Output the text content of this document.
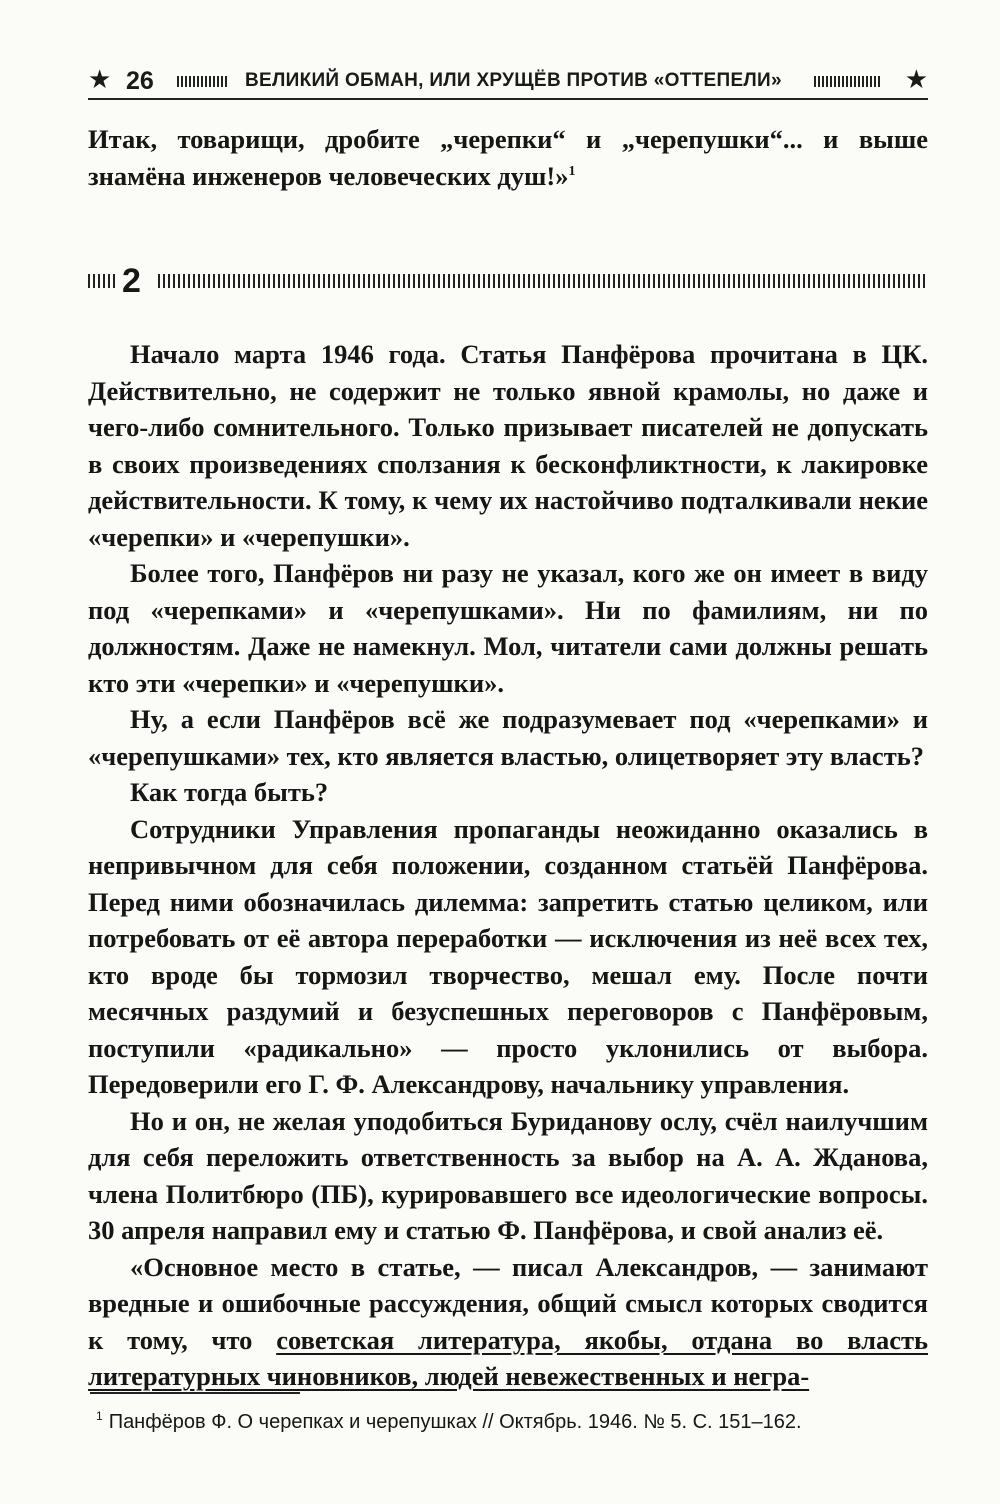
★ 26	ВЕЛИКИЙ ОБМАН, ИЛИ ХРУЩЁВ ПРОТИВ «ОТТЕПЕЛИ»	★

Итак, товарищи, дробите „черепки“ и „черепушки“... и выше знамёна инженеров человеческих душ!»$^1$

2

Начало марта 1946 года. Статья Панфёрова прочитана в ЦК. Действительно, не содержит не только явной крамолы, но даже и чего-либо сомнительного. Только призывает писателей не допускать в своих произведениях сползания к бесконфликтности, к лакировке действительности. К тому, к чему их настойчиво подталкивали некие «черепки» и «черепушки».

Более того, Панфёров ни разу не указал, кого же он имеет в виду под «черепками» и «черепушками». Ни по фамилиям, ни по должностям. Даже не намекнул. Мол, читатели сами должны решать кто эти «черепки» и «черепушки».

Ну, а если Панфёров всё же подразумевает под «черепками» и «черепушками» тех, кто является властью, олицетворяет эту власть?

Как тогда быть?

Сотрудники Управления пропаганды неожиданно оказались в непривычном для себя положении, созданном статьёй Панфёрова. Перед ними обозначилась дилемма: запретить статью целиком, или потребовать от её автора переработки — исключения из неё всех тех, кто вроде бы тормозил творчество, мешал ему. После почти месячных раздумий и безуспешных переговоров с Панфёровым, поступили «радикально» — просто уклонились от выбора. Передоверили его Г. Ф. Александрову, начальнику управления.

Но и он, не желая уподобиться Буриданову ослу, счёл наилучшим для себя переложить ответственность за выбор на А. А. Жданова, члена Политбюро (ПБ), курировавшего все идеологические вопросы. 30 апреля направил ему и статью Ф. Панфёрова, и свой анализ её.

«Основное место в статье, — писал Александров, — занимают вредные и ошибочные рассуждения, общий смысл которых сводится к тому, что советская литература, якобы, отдана во власть литературных чиновников, людей невежественных и негра-

$^1$ Панфёров Ф. О черепках и черепушках // Октябрь. 1946. № 5. С. 151–162.
